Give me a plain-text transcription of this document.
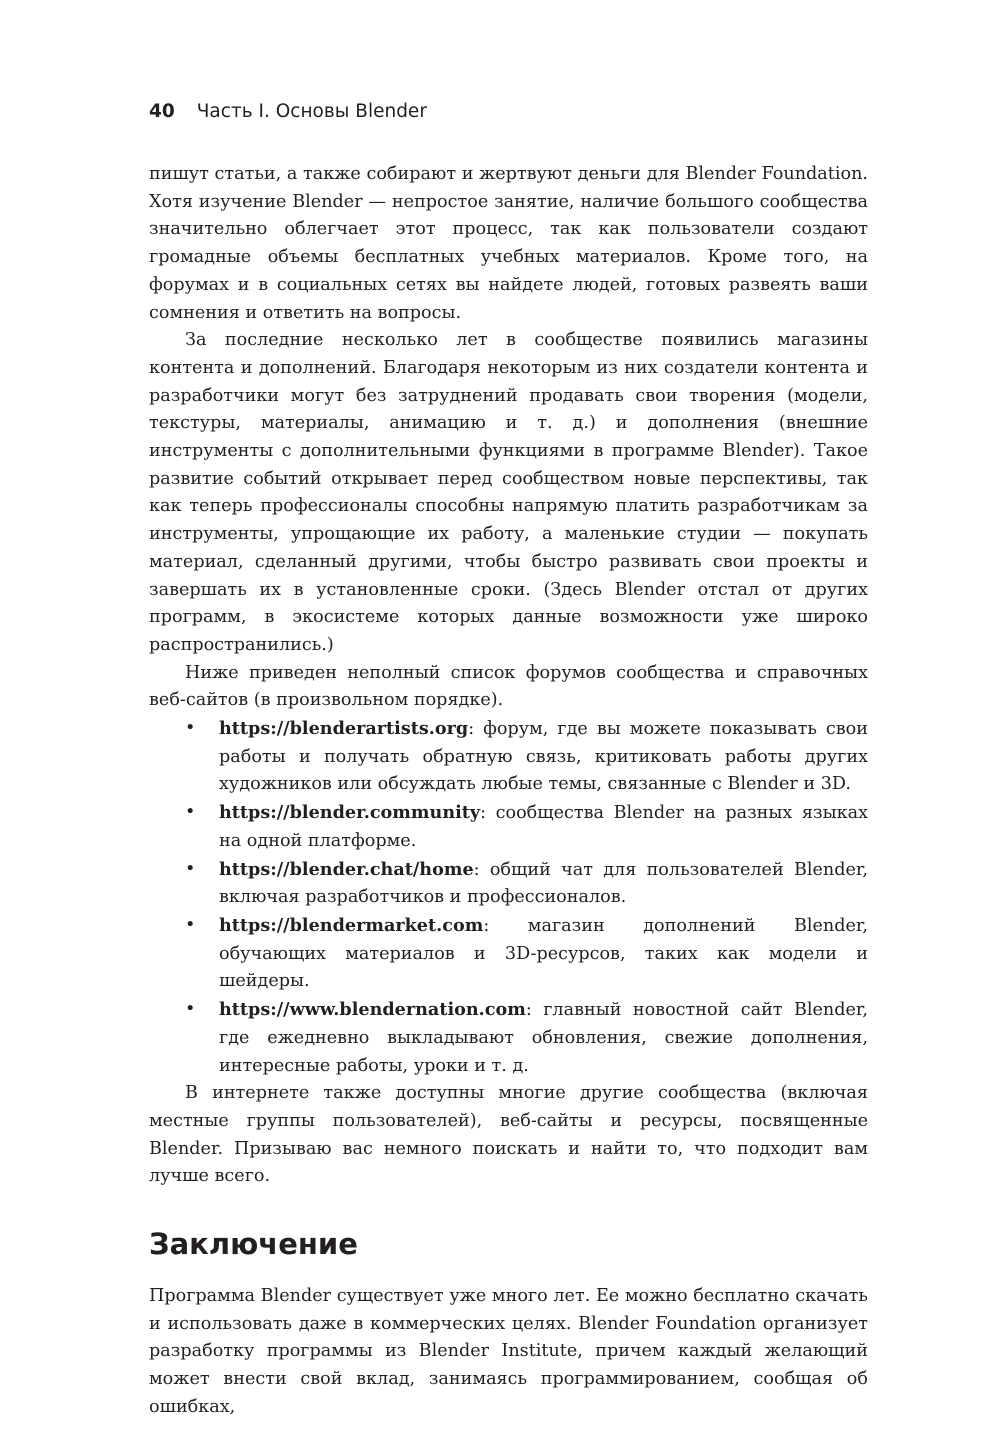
40 Часть I. Основы Blender

пишут статьи, а также собирают и жертвуют деньги для Blender Foundation. Хотя изучение Blender — непростое занятие, наличие большого сообщества значительно облегчает этот процесс, так как пользователи создают громадные объемы бесплатных учебных материалов. Кроме того, на форумах и в социальных сетях вы найдете людей, готовых развеять ваши сомнения и ответить на вопросы.

За последние несколько лет в сообществе появились магазины контента и дополнений. Благодаря некоторым из них создатели контента и разработчики могут без затруднений продавать свои творения (модели, текстуры, материалы, анимацию и т. д.) и дополнения (внешние инструменты с дополнительными функциями в программе Blender). Такое развитие событий открывает перед сообществом новые перспективы, так как теперь профессионалы способны напрямую платить разработчикам за инструменты, упрощающие их работу, а маленькие студии — покупать материал, сделанный другими, чтобы быстро развивать свои проекты и завершать их в установленные сроки. (Здесь Blender отстал от других программ, в экосистеме которых данные возможности уже широко распространились.)

Ниже приведен неполный список форумов сообщества и справочных веб-сайтов (в произвольном порядке).

• https://blenderartists.org: форум, где вы можете показывать свои работы и получать обратную связь, критиковать работы других художников или обсуждать любые темы, связанные с Blender и 3D.
• https://blender.community: сообщества Blender на разных языках на одной платформе.
• https://blender.chat/home: общий чат для пользователей Blender, включая разработчиков и профессионалов.
• https://blendermarket.com: магазин дополнений Blender, обучающих материалов и 3D-ресурсов, таких как модели и шейдеры.
• https://www.blendernation.com: главный новостной сайт Blender, где ежедневно выкладывают обновления, свежие дополнения, интересные работы, уроки и т. д.

В интернете также доступны многие другие сообщества (включая местные группы пользователей), веб-сайты и ресурсы, посвященные Blender. Призываю вас немного поискать и найти то, что подходит вам лучше всего.

Заключение

Программа Blender существует уже много лет. Ее можно бесплатно скачать и использовать даже в коммерческих целях. Blender Foundation организует разработку программы из Blender Institute, причем каждый желающий может внести свой вклад, занимаясь программированием, сообщая об ошибках,
